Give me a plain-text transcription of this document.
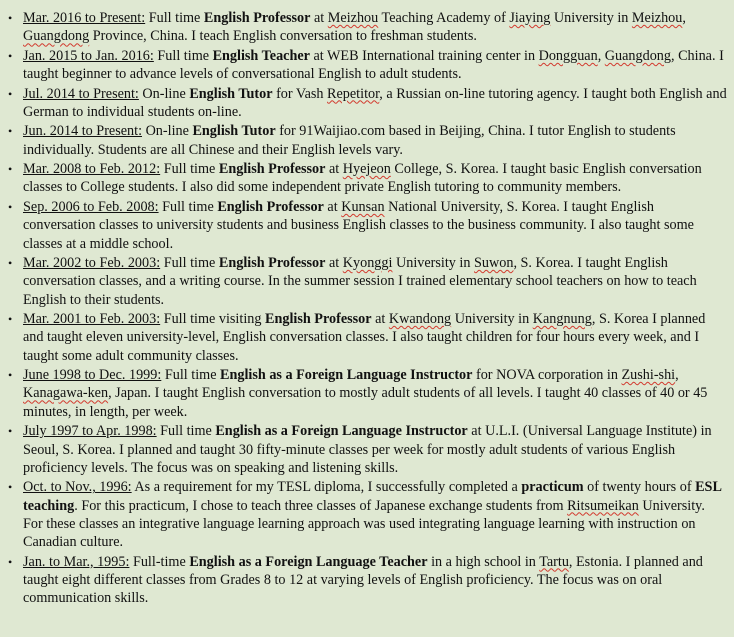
• Mar. 2016 to Present: Full time English Professor at Meizhou Teaching Academy of Jiaying University in Meizhou, Guangdong Province, China. I teach English conversation to freshman students.
• Jan. 2015 to Jan. 2016: Full time English Teacher at WEB International training center in Dongguan, Guangdong, China. I taught beginner to advance levels of conversational English to adult students.
• Jul. 2014 to Present: On-line English Tutor for Vash Repetitor, a Russian on-line tutoring agency. I taught both English and German to individual students on-line.
• Jun. 2014 to Present: On-line English Tutor for 91Waijiao.com based in Beijing, China. I tutor English to students individually. Students are all Chinese and their English levels vary.
• Mar. 2008 to Feb. 2012: Full time English Professor at Hyejeon College, S. Korea. I taught basic English conversation classes to College students. I also did some independent private English tutoring to community members.
• Sep. 2006 to Feb. 2008: Full time English Professor at Kunsan National University, S. Korea. I taught English conversation classes to university students and business English classes to the business community. I also taught some classes at a middle school.
• Mar. 2002 to Feb. 2003: Full time English Professor at Kyonggi University in Suwon, S. Korea. I taught English conversation classes, and a writing course. In the summer session I trained elementary school teachers on how to teach English to their students.
• Mar. 2001 to Feb. 2003: Full time visiting English Professor at Kwandong University in Kangnung, S. Korea I planned and taught eleven university-level, English conversation classes. I also taught children for four hours every week, and I taught some adult community classes.
• June 1998 to Dec. 1999: Full time English as a Foreign Language Instructor for NOVA corporation in Zushi-shi, Kanagawa-ken, Japan. I taught English conversation to mostly adult students of all levels. I taught 40 classes of 40 or 45 minutes, in length, per week.
• July 1997 to Apr. 1998: Full time English as a Foreign Language Instructor at U.L.I. (Universal Language Institute) in Seoul, S. Korea. I planned and taught 30 fifty-minute classes per week for mostly adult students of various English proficiency levels. The focus was on speaking and listening skills.
• Oct. to Nov., 1996: As a requirement for my TESL diploma, I successfully completed a practicum of twenty hours of ESL teaching. For this practicum, I chose to teach three classes of Japanese exchange students from Ritsumeikan University. For these classes an integrative language learning approach was used integrating language learning with instruction on Canadian culture.
• Jan. to Mar., 1995: Full-time English as a Foreign Language Teacher in a high school in Tartu, Estonia. I planned and taught eight different classes from Grades 8 to 12 at varying levels of English proficiency. The focus was on oral communication skills.
